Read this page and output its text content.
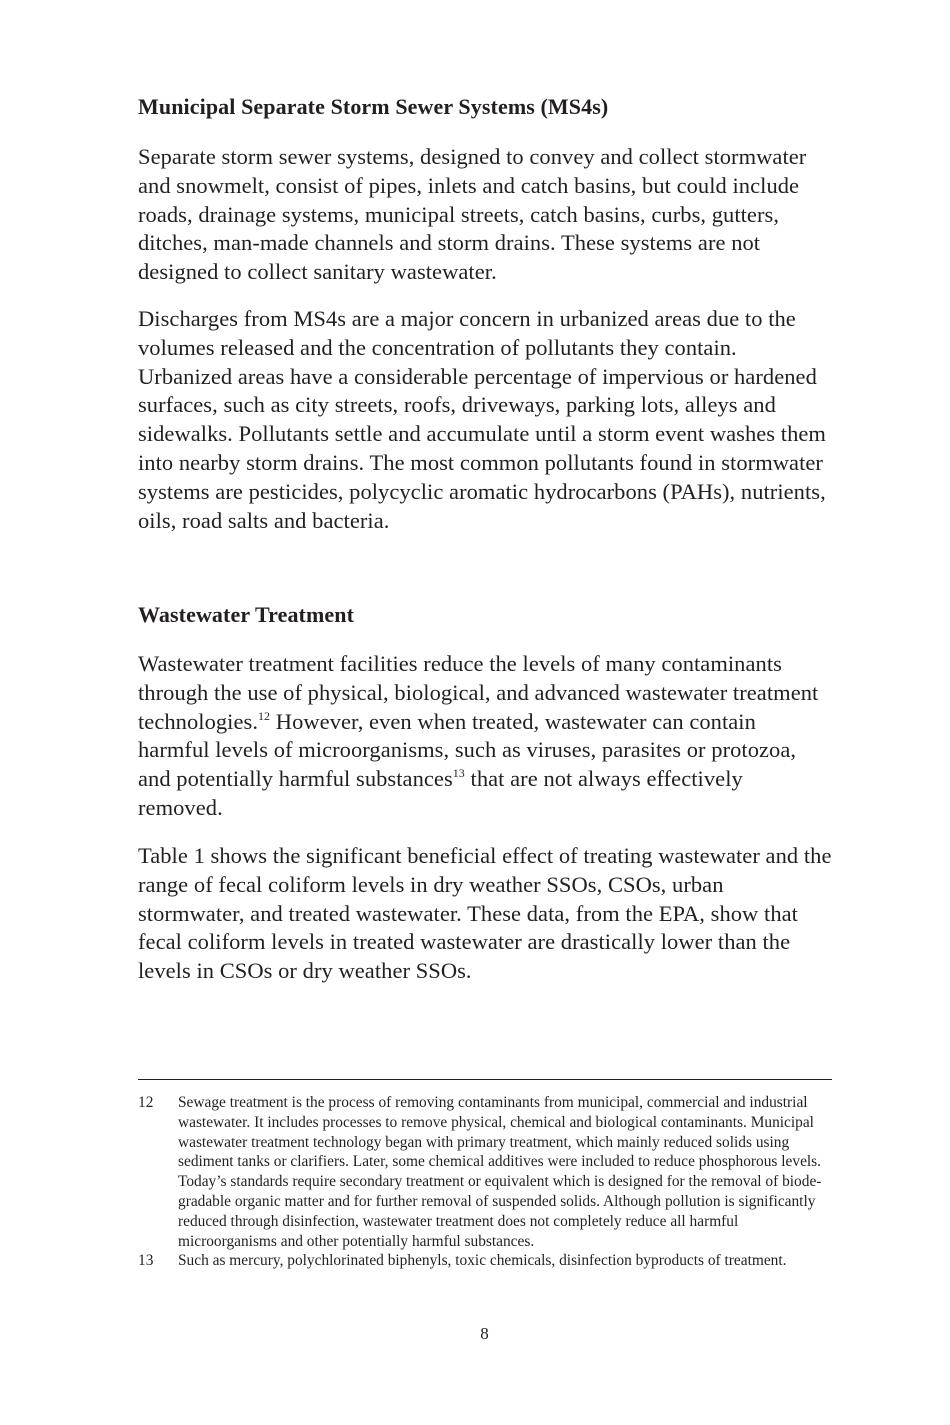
Municipal Separate Storm Sewer Systems (MS4s)

Separate storm sewer systems, designed to convey and collect stormwater and snowmelt, consist of pipes, inlets and catch basins, but could include roads, drainage systems, municipal streets, catch basins, curbs, gutters, ditches, man-made channels and storm drains. These systems are not designed to collect sanitary wastewater.

Discharges from MS4s are a major concern in urbanized areas due to the volumes released and the concentration of pollutants they contain. Urbanized areas have a considerable percentage of impervious or hardened surfaces, such as city streets, roofs, driveways, parking lots, alleys and sidewalks. Pollutants settle and accumulate until a storm event washes them into nearby storm drains. The most common pollutants found in stormwater systems are pesticides, polycyclic aromatic hydrocarbons (PAHs), nutrients, oils, road salts and bacteria.

Wastewater Treatment

Wastewater treatment facilities reduce the levels of many contaminants through the use of physical, biological, and advanced wastewater treatment technologies.$^{12}$ However, even when treated, wastewater can contain harmful levels of microorganisms, such as viruses, parasites or protozoa, and potentially harmful substances$^{13}$ that are not always effectively removed.

Table 1 shows the significant beneficial effect of treating wastewater and the range of fecal coliform levels in dry weather SSOs, CSOs, urban stormwater, and treated wastewater. These data, from the EPA, show that fecal coliform levels in treated wastewater are drastically lower than the levels in CSOs or dry weather SSOs.

12	Sewage treatment is the process of removing contaminants from municipal, commercial and industrial wastewater. It includes processes to remove physical, chemical and biological contaminants. Municipal wastewater treatment technology began with primary treatment, which mainly reduced solids using sediment tanks or clarifiers. Later, some chemical additives were included to reduce phosphorous levels. Today’s standards require secondary treatment or equivalent which is designed for the removal of biodegradable organic matter and for further removal of suspended solids. Although pollution is significantly reduced through disinfection, wastewater treatment does not completely reduce all harmful microorganisms and other potentially harmful substances.
13	Such as mercury, polychlorinated biphenyls, toxic chemicals, disinfection byproducts of treatment.
8
